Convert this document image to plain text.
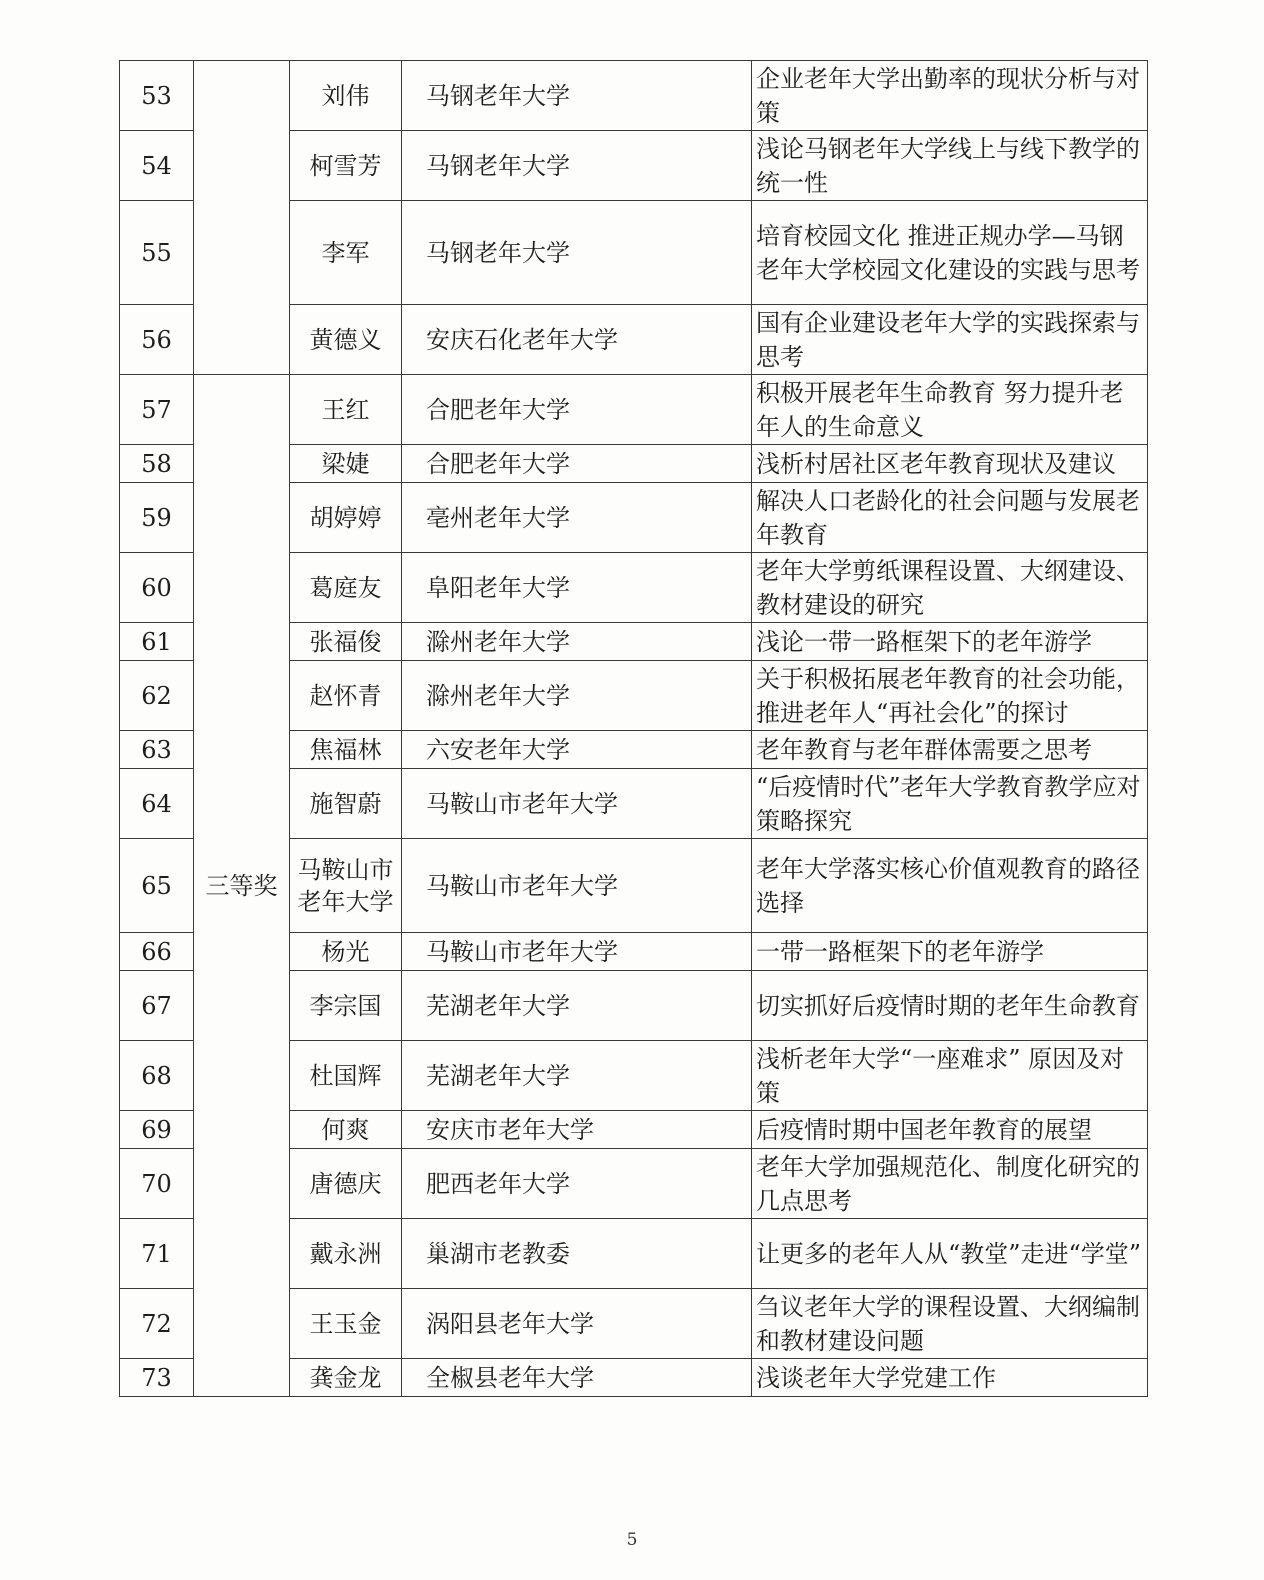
53		刘伟	马钢老年大学	企业老年大学出勤率的现状分析与对策
54		柯雪芳	马钢老年大学	浅论马钢老年大学线上与线下教学的统一性
55		李军	马钢老年大学	培育校园文化 推进正规办学—马钢老年大学校园文化建设的实践与思考
56		黄德义	安庆石化老年大学	国有企业建设老年大学的实践探索与思考
57	三等奖	王红	合肥老年大学	积极开展老年生命教育 努力提升老年人的生命意义
58		梁婕	合肥老年大学	浅析村居社区老年教育现状及建议
59		胡婷婷	亳州老年大学	解决人口老龄化的社会问题与发展老年教育
60		葛庭友	阜阳老年大学	老年大学剪纸课程设置、大纲建设、教材建设的研究
61		张福俊	滁州老年大学	浅论一带一路框架下的老年游学
62		赵怀青	滁州老年大学	关于积极拓展老年教育的社会功能，推进老年人“再社会化”的探讨
63		焦福林	六安老年大学	老年教育与老年群体需要之思考
64		施智蔚	马鞍山市老年大学	“后疫情时代”老年大学教育教学应对策略探究
65		马鞍山市老年大学	马鞍山市老年大学	老年大学落实核心价值观教育的路径选择
66		杨光	马鞍山市老年大学	一带一路框架下的老年游学
67		李宗国	芜湖老年大学	切实抓好后疫情时期的老年生命教育
68		杜国辉	芜湖老年大学	浅析老年大学“一座难求” 原因及对策
69		何爽	安庆市老年大学	后疫情时期中国老年教育的展望
70		唐德庆	肥西老年大学	老年大学加强规范化、制度化研究的几点思考
71		戴永洲	巢湖市老教委	让更多的老年人从“教堂”走进“学堂”
72		王玉金	涡阳县老年大学	刍议老年大学的课程设置、大纲编制和教材建设问题
73		龚金龙	全椒县老年大学	浅谈老年大学党建工作
5
